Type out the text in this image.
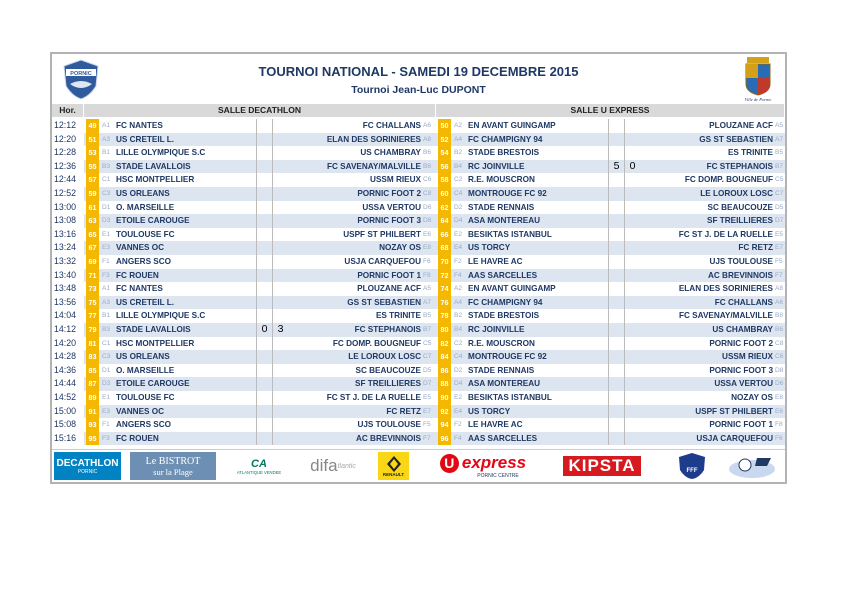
PORNIC	TOURNOI NATIONAL - SAMEDI 19 DECEMBRE 2015
Tournoi Jean-Luc DUPONT
Ville de Pornic
Hor.	SALLE DECATHLON	SALLE U EXPRESS
12:12	49 A1 FC NANTES	FC CHALLANS A6	50 A2 EN AVANT GUINGAMP	PLOUZANE ACF A5
12:20	51 A3 US CRETEIL L.	ELAN DES SORINIERES A8	52 A4 FC CHAMPIGNY 94	GS ST SEBASTIEN A7
12:28	53 B1 LILLE OLYMPIQUE S.C	US CHAMBRAY B6	54 B2 STADE BRESTOIS	ES TRINITE B5
12:36	55 B3 STADE LAVALLOIS	FC SAVENAY/MALVILLE B8	56 B4 RC JOINVILLE	5 0	FC STEPHANOIS B7
12:44	57 C1 HSC MONTPELLIER	USSM RIEUX C6	58 C2 R.E. MOUSCRON	FC DOMP. BOUGNEUF C5
12:52	59 C3 US ORLEANS	PORNIC FOOT 2 C8	60 C4 MONTROUGE FC 92	LE LOROUX LOSC C7
13:00	61 D1 O. MARSEILLE	USSA VERTOU D6	62 D2 STADE RENNAIS	SC BEAUCOUZE D5
13:08	63 D3 ETOILE CAROUGE	PORNIC FOOT 3 D8	64 D4 ASA MONTEREAU	SF TREILLIERES D7
13:16	65 E1 TOULOUSE FC	USPF ST PHILBERT E6	66 E2 BESIKTAS ISTANBUL	FC ST J. DE LA RUELLE E5
13:24	67 E3 VANNES OC	NOZAY OS E8	68 E4 US TORCY	FC RETZ E7
13:32	69 F1 ANGERS SCO	USJA CARQUEFOU F6	70 F2 LE HAVRE AC	UJS TOULOUSE F5
13:40	71 F3 FC ROUEN	PORNIC FOOT 1 F8	72 F4 AAS SARCELLES	AC BREVINNOIS F7
13:48	73 A1 FC NANTES	PLOUZANE ACF A5	74 A2 EN AVANT GUINGAMP	ELAN DES SORINIERES A8
13:56	75 A3 US CRETEIL L.	GS ST SEBASTIEN A7	76 A4 FC CHAMPIGNY 94	FC CHALLANS A6
14:04	77 B1 LILLE OLYMPIQUE S.C	ES TRINITE B5	78 B2 STADE BRESTOIS	FC SAVENAY/MALVILLE B8
14:12	79 B3 STADE LAVALLOIS	0 3	FC STEPHANOIS B7	80 B4 RC JOINVILLE	US CHAMBRAY B6
14:20	81 C1 HSC MONTPELLIER	FC DOMP. BOUGNEUF C5	82 C2 R.E. MOUSCRON	PORNIC FOOT 2 C8
14:28	83 C3 US ORLEANS	LE LOROUX LOSC C7	84 C4 MONTROUGE FC 92	USSM RIEUX C6
14:36	85 D1 O. MARSEILLE	SC BEAUCOUZE D5	86 D2 STADE RENNAIS	PORNIC FOOT 3 D8
14:44	87 D3 ETOILE CAROUGE	SF TREILLIERES D7	88 D4 ASA MONTEREAU	USSA VERTOU D6
14:52	89 E1 TOULOUSE FC	FC ST J. DE LA RUELLE E5	90 E2 BESIKTAS ISTANBUL	NOZAY OS E8
15:00	91 E3 VANNES OC	FC RETZ E7	92 E4 US TORCY	USPF ST PHILBERT E6
15:08	93 F1 ANGERS SCO	UJS TOULOUSE F5	94 F2 LE HAVRE AC	PORNIC FOOT 1 F8
15:16	95 F3 FC ROUEN	AC BREVINNOIS F7	96 F4 AAS SARCELLES	USJA CARQUEFOU F6
DECATHLON
PORNIC
Le BISTROT
sur la Plage
CA
ATLANTIQUE VENDEE difa tlantic
RENAULT
U express
PORNIC CENTRE
KIPSTA	FFF
